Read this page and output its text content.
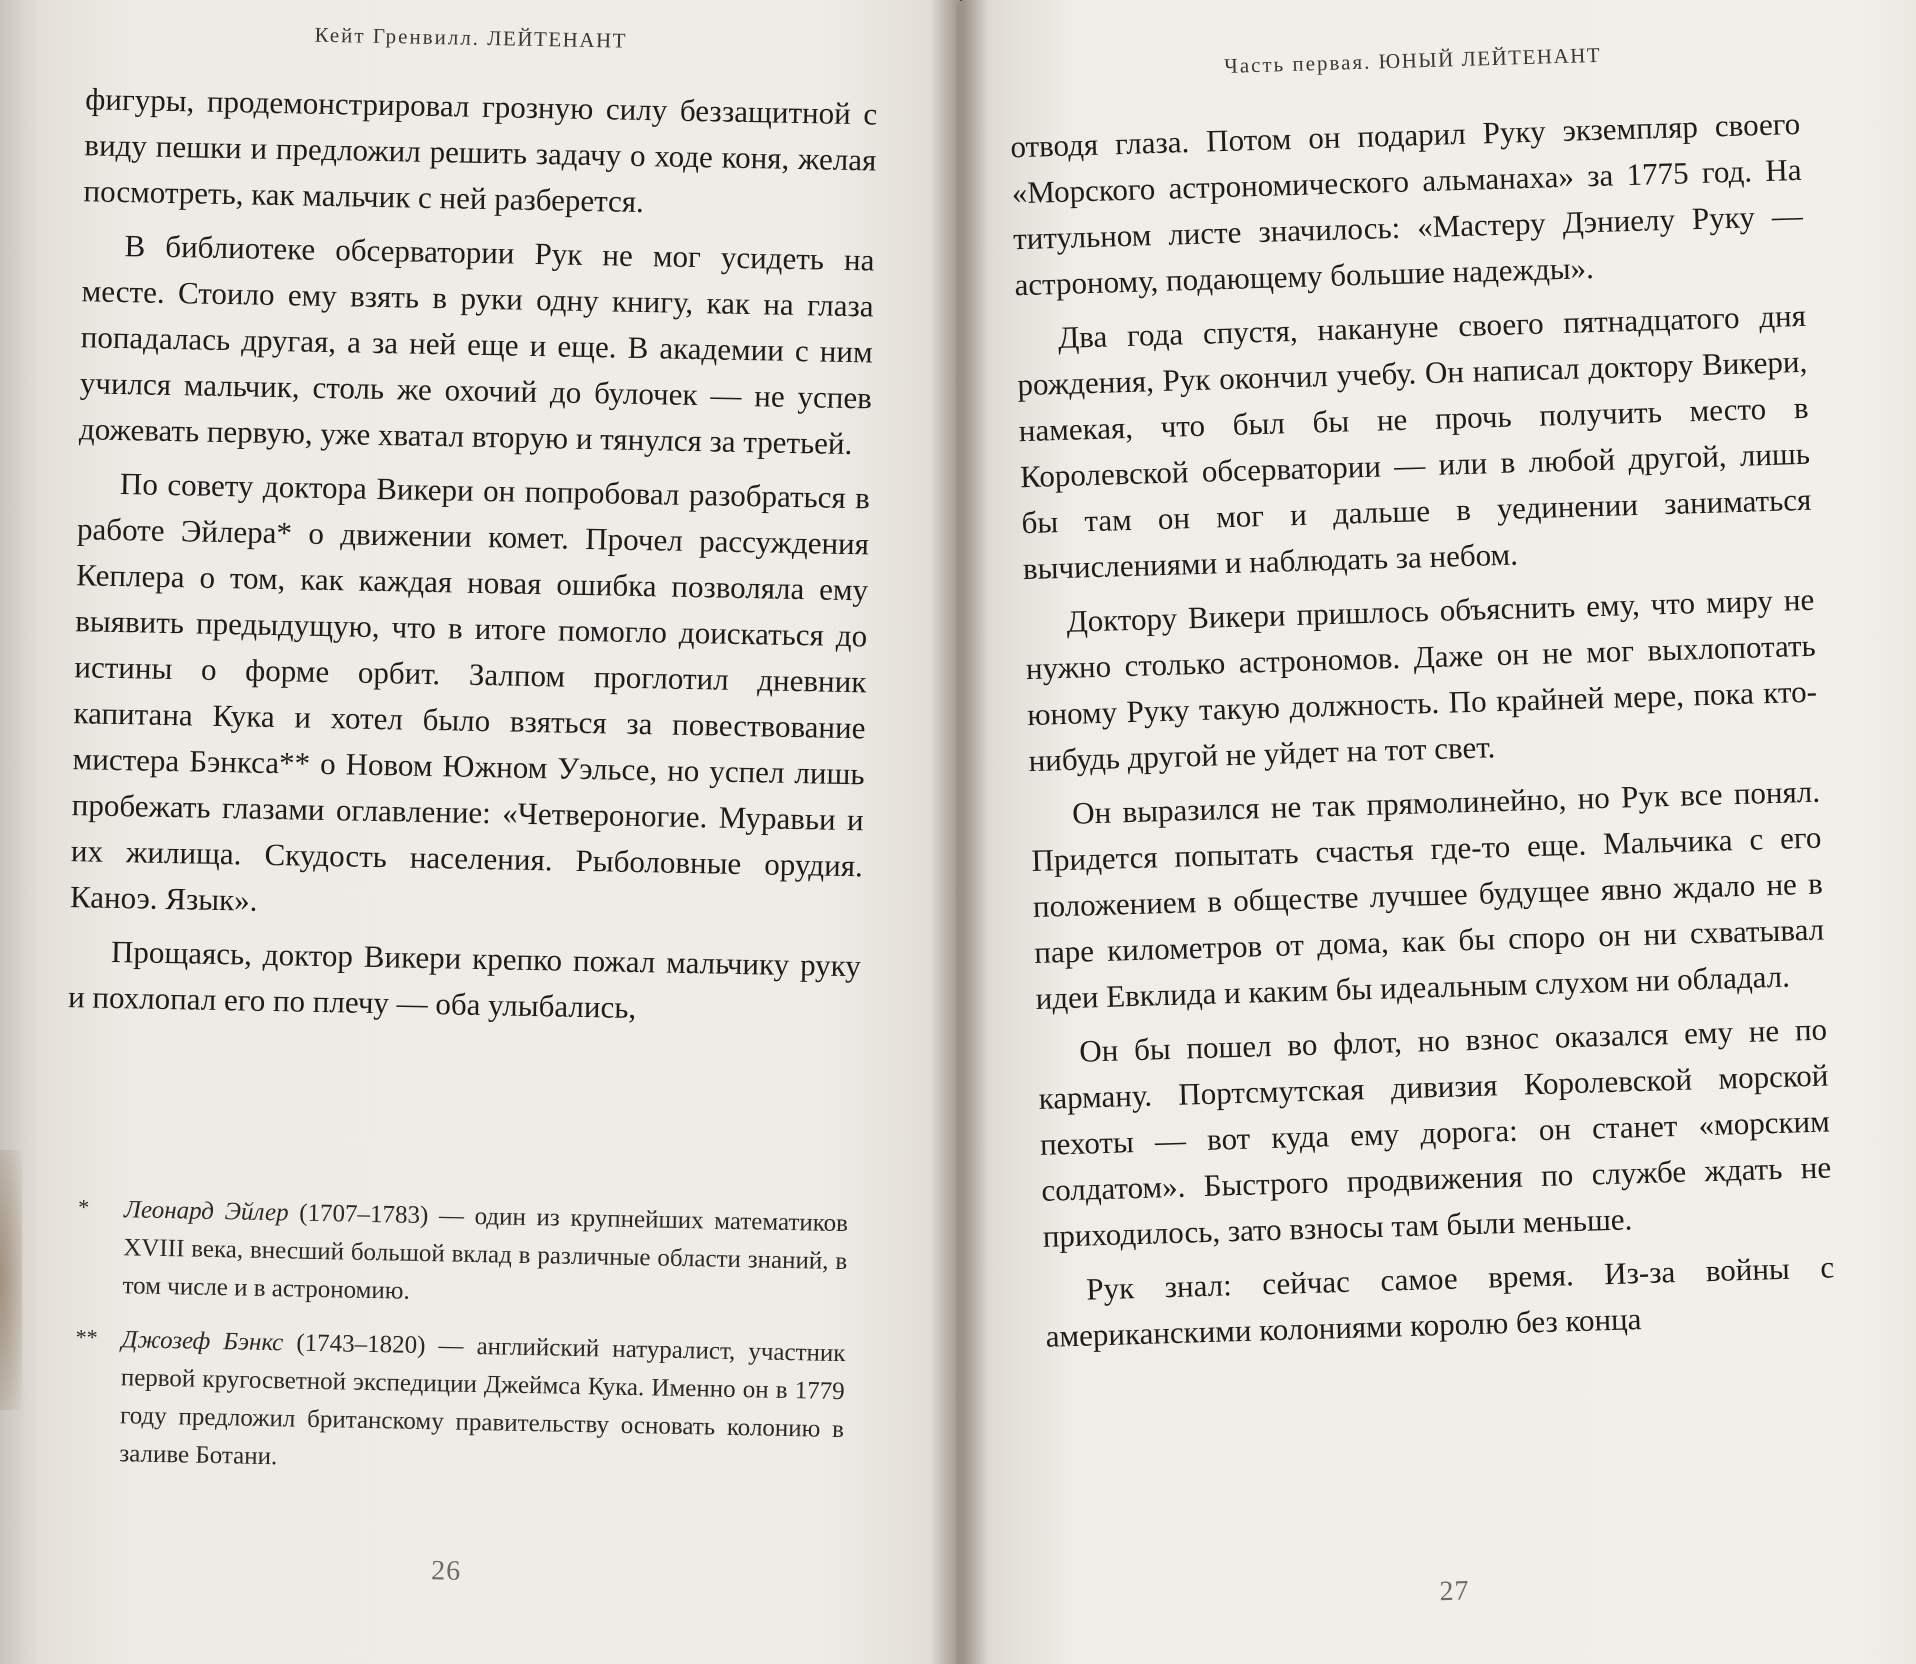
Кейт Гренвилл. ЛЕЙТЕНАНТ

фигуры, продемонстрировал грозную силу беззащитной с виду пешки и предложил решить задачу о ходе коня, желая посмотреть, как мальчик с ней разберется.

В библиотеке обсерватории Рук не мог усидеть на месте. Стоило ему взять в руки одну книгу, как на глаза попадалась другая, а за ней еще и еще. В академии с ним учился мальчик, столь же охочий до булочек — не успев дожевать первую, уже хватал вторую и тянулся за третьей.

По совету доктора Викери он попробовал разобраться в работе Эйлера* о движении комет. Прочел рассуждения Кеплера о том, как каждая новая ошибка позволяла ему выявить предыдущую, что в итоге помогло доискаться до истины о форме орбит. Залпом проглотил дневник капитана Кука и хотел было взяться за повествование мистера Бэнкса** о Новом Южном Уэльсе, но успел лишь пробежать глазами оглавление: «Четвероногие. Муравьи и их жилища. Скудость населения. Рыболовные орудия. Каноэ. Язык».

Прощаясь, доктор Викери крепко пожал мальчику руку и похлопал его по плечу — оба улыбались,

* Леонард Эйлер (1707–1783) — один из крупнейших математиков XVIII века, внесший большой вклад в различные области знаний, в том числе и в астрономию.
** Джозеф Бэнкс (1743–1820) — английский натуралист, участник первой кругосветной экспедиции Джеймса Кука. Именно он в 1779 году предложил британскому правительству основать колонию в заливе Ботани.
26
Часть первая. ЮНЫЙ ЛЕЙТЕНАНТ

отводя глаза. Потом он подарил Руку экземпляр своего «Морского астрономического альманаха» за 1775 год. На титульном листе значилось: «Мастеру Дэниелу Руку — астроному, подающему большие надежды».

Два года спустя, накануне своего пятнадцатого дня рождения, Рук окончил учебу. Он написал доктору Викери, намекая, что был бы не прочь получить место в Королевской обсерватории — или в любой другой, лишь бы там он мог и дальше в уединении заниматься вычислениями и наблюдать за небом.

Доктору Викери пришлось объяснить ему, что миру не нужно столько астрономов. Даже он не мог выхлопотать юному Руку такую должность. По крайней мере, пока кто-нибудь другой не уйдет на тот свет.

Он выразился не так прямолинейно, но Рук все понял. Придется попытать счастья где-то еще. Мальчика с его положением в обществе лучшее будущее явно ждало не в паре километров от дома, как бы споро он ни схватывал идеи Евклида и каким бы идеальным слухом ни обладал.

Он бы пошел во флот, но взнос оказался ему не по карману. Портсмутская дивизия Королевской морской пехоты — вот куда ему дорога: он станет «морским солдатом». Быстрого продвижения по службе ждать не приходилось, зато взносы там были меньше.

Рук знал: сейчас самое время. Из-за войны с американскими колониями королю без конца

27
